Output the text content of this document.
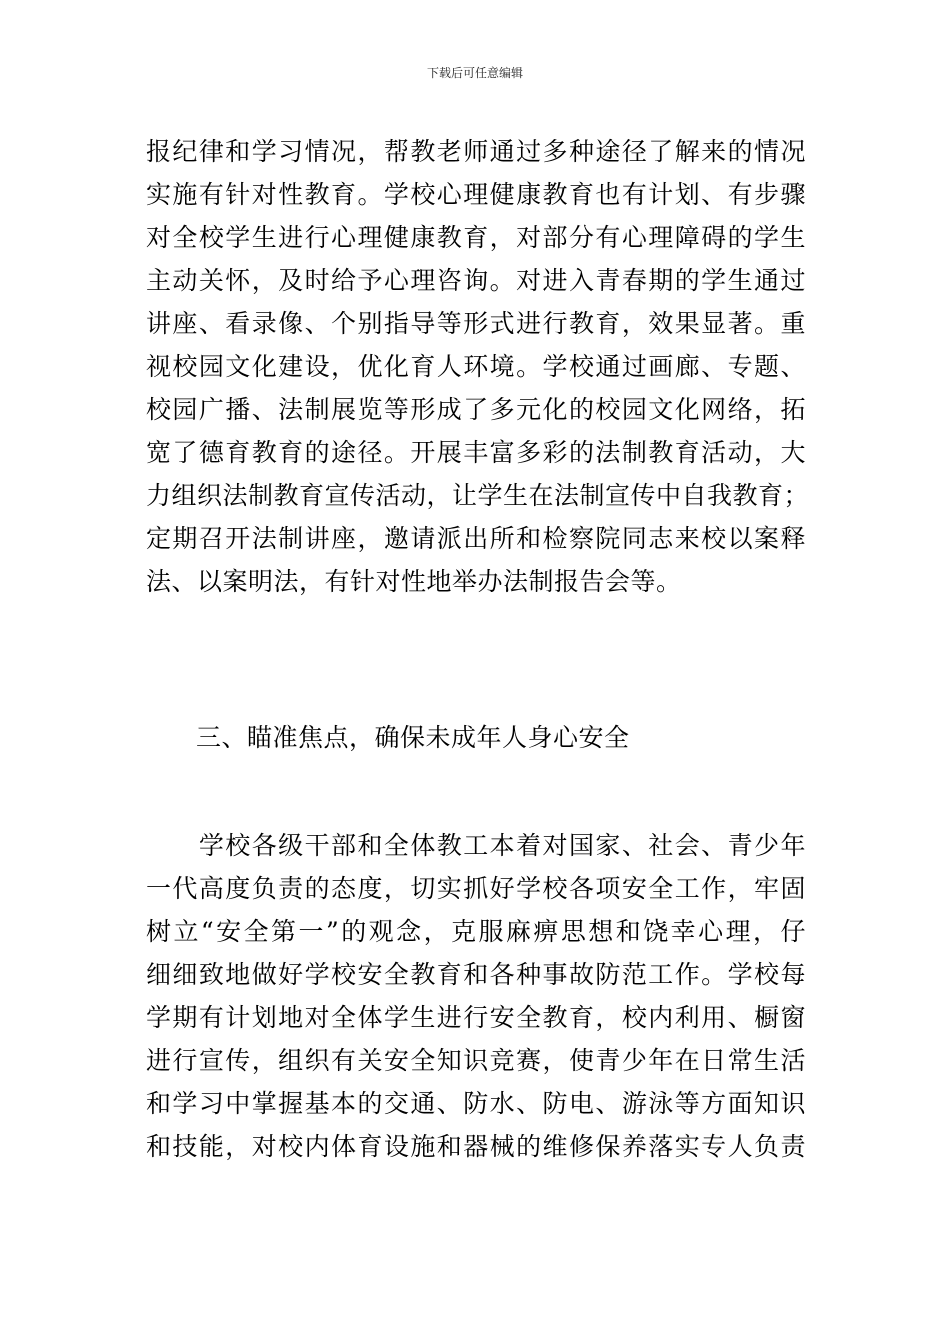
下载后可任意编辑
报纪律和学习情况，帮教老师通过多种途径了解来的情况
实施有针对性教育。学校心理健康教育也有计划、有步骤
对全校学生进行心理健康教育，对部分有心理障碍的学生
主动关怀，及时给予心理咨询。对进入青春期的学生通过
讲座、看录像、个别指导等形式进行教育，效果显著。重
视校园文化建设，优化育人环境。学校通过画廊、专题、
校园广播、法制展览等形成了多元化的校园文化网络，拓
宽了德育教育的途径。开展丰富多彩的法制教育活动，大
力组织法制教育宣传活动，让学生在法制宣传中自我教育；
定期召开法制讲座，邀请派出所和检察院同志来校以案释
法、以案明法，有针对性地举办法制报告会等。
三、瞄准焦点，确保未成年人身心安全
　　学校各级干部和全体教工本着对国家、社会、青少年
一代高度负责的态度，切实抓好学校各项安全工作，牢固
树立“安全第一”的观念，克服麻痹思想和饶幸心理，仔
细细致地做好学校安全教育和各种事故防范工作。学校每
学期有计划地对全体学生进行安全教育，校内利用、橱窗
进行宣传，组织有关安全知识竞赛，使青少年在日常生活
和学习中掌握基本的交通、防水、防电、游泳等方面知识
和技能，对校内体育设施和器械的维修保养落实专人负责
